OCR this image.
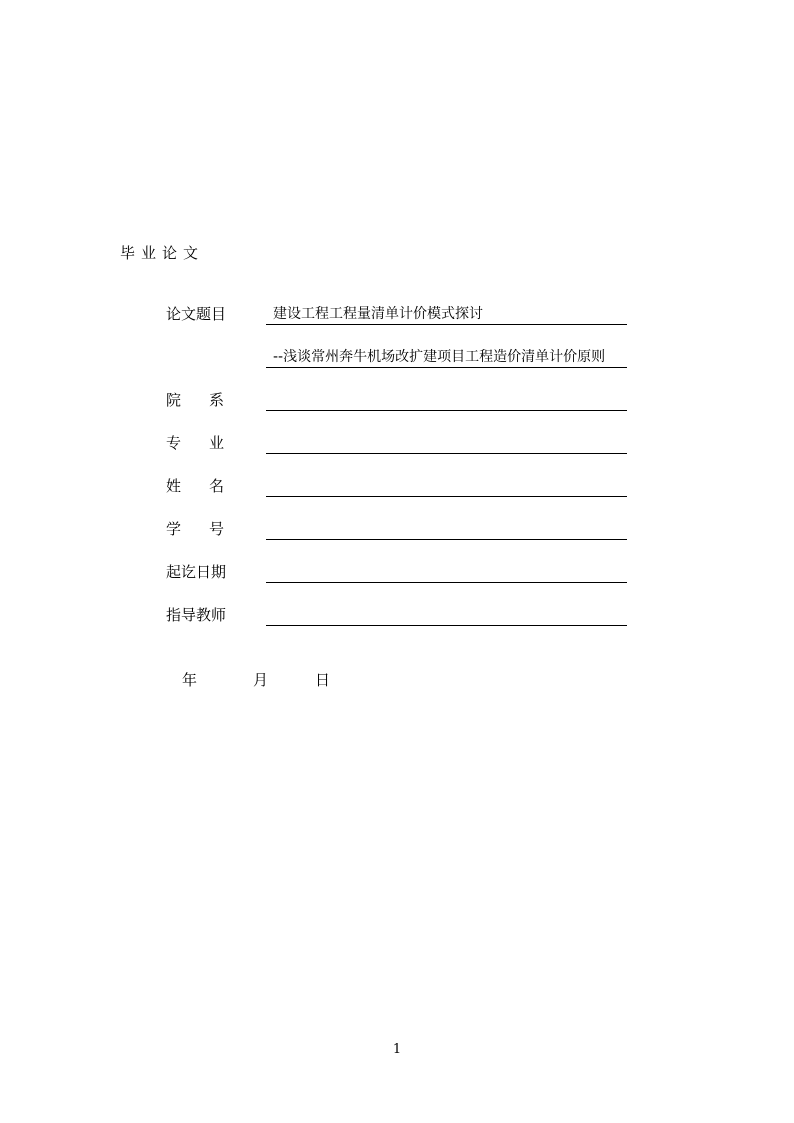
毕业论文
论文题目	建设工程工程量清单计价模式探讨
--浅谈常州奔牛机场改扩建项目工程造价清单计价原则
院 系
专 业
姓 名
学 号
起讫日期
指导教师
年	月	日
1
